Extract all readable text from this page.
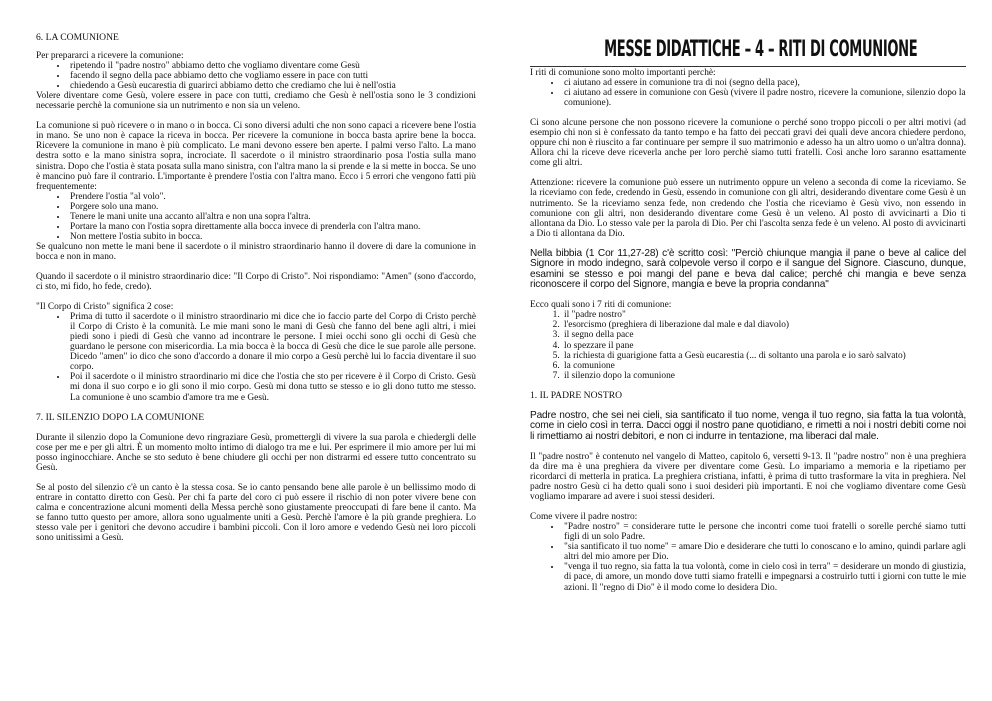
6. LA COMUNIONE

Per prepararci a ricevere la comunione:

• ripetendo il "padre nostro" abbiamo detto che vogliamo diventare come Gesù
• facendo il segno della pace abbiamo detto che vogliamo essere in pace con tutti
• chiedendo a Gesù eucarestia di guarirci abbiamo detto che crediamo che lui è nell'ostia

Volere diventare come Gesù, volere essere in pace con tutti, crediamo che Gesù è nell'ostia sono le 3 condizioni necessarie perchè la comunione sia un nutrimento e non sia un veleno.

La comunione si può ricevere o in mano o in bocca. Ci sono diversi adulti che non sono capaci a ricevere bene l'ostia in mano. Se uno non è capace la riceva in bocca. Per ricevere la comunione in bocca basta aprire bene la bocca. Ricevere la comunione in mano è più complicato. Le mani devono essere ben aperte. I palmi verso l'alto. La mano destra sotto e la mano sinistra sopra, incrociate. Il sacerdote o il ministro straordinario posa l'ostia sulla mano sinistra. Dopo che l'ostia è stata posata sulla mano sinistra, con l'altra mano la si prende e la si mette in bocca. Se uno è mancino può fare il contrario. L'importante è prendere l'ostia con l'altra mano. Ecco i 5 errori che vengono fatti più frequentemente:

• Prendere l'ostia "al volo".
• Porgere solo una mano.
• Tenere le mani unite una accanto all'altra e non una sopra l'altra.
• Portare la mano con l'ostia sopra direttamente alla bocca invece di prenderla con l'altra mano.
• Non mettere l'ostia subito in bocca.

Se qualcuno non mette le mani bene il sacerdote o il ministro straordinario hanno il dovere di dare la comunione in bocca e non in mano.

Quando il sacerdote o il ministro straordinario dice: "Il Corpo di Cristo". Noi rispondiamo: "Amen" (sono d'accordo, ci sto, mi fido, ho fede, credo).

"Il Corpo di Cristo" significa 2 cose:

• Prima di tutto il sacerdote o il ministro straordinario mi dice che io faccio parte del Corpo di Cristo perchè il Corpo di Cristo è la comunità. Le mie mani sono le mani di Gesù che fanno del bene agli altri, i miei piedi sono i piedi di Gesù che vanno ad incontrare le persone. I miei occhi sono gli occhi di Gesù che guardano le persone con misericordia. La mia bocca è la bocca di Gesù che dice le sue parole alle persone. Dicedo "amen" io dico che sono d'accordo a donare il mio corpo a Gesù perchè lui lo faccia diventare il suo corpo.
• Poi il sacerdote o il ministro straordinario mi dice che l'ostia che sto per ricevere è il Corpo di Cristo. Gesù mi dona il suo corpo e io gli sono il mio corpo. Gesù mi dona tutto se stesso e io gli dono tutto me stesso. La comunione è uno scambio d'amore tra me e Gesù.
7. IL SILENZIO DOPO LA COMUNIONE

Durante il silenzio dopo la Comunione devo ringraziare Gesù, promettergli di vivere la sua parola e chiedergli delle cose per me e per gli altri. È un momento molto intimo di dialogo tra me e lui. Per esprimere il mio amore per lui mi posso inginocchiare. Anche se sto seduto è bene chiudere gli occhi per non distrarmi ed essere tutto concentrato su Gesù.

Se al posto del silenzio c'è un canto è la stessa cosa. Se io canto pensando bene alle parole è un bellissimo modo di entrare in contatto diretto con Gesù. Per chi fa parte del coro ci può essere il rischio di non poter vivere bene con calma e concentrazione alcuni momenti della Messa perchè sono giustamente preoccupati di fare bene il canto. Ma se fanno tutto questo per amore, allora sono ugualmente uniti a Gesù. Perchè l'amore è la più grande preghiera. Lo stesso vale per i genitori che devono accudire i bambini piccoli. Con il loro amore e vedendo Gesù nei loro piccoli sono unitissimi a Gesù.

MESSE DIDATTICHE – 4 – RITI DI COMUNIONE

I riti di comunione sono molto importanti perchè:

• ci aiutano ad essere in comunione tra di noi (segno della pace),
• ci aiutano ad essere in comunione con Gesù (vivere il padre nostro, ricevere la comunione, silenzio dopo la comunione).

Ci sono alcune persone che non possono ricevere la comunione o perché sono troppo piccoli o per altri motivi (ad esempio chi non si è confessato da tanto tempo e ha fatto dei peccati gravi dei quali deve ancora chiedere perdono, oppure chi non è riuscito a far continuare per sempre il suo matrimonio e adesso ha un altro uomo o un'altra donna). Allora chi la riceve deve riceverla anche per loro perchè siamo tutti fratelli. Così anche loro saranno esattamente come gli altri.

Attenzione: ricevere la comunione può essere un nutrimento oppure un veleno a seconda di come la riceviamo. Se la riceviamo con fede, credendo in Gesù, essendo in comunione con gli altri, desiderando diventare come Gesù è un nutrimento. Se la riceviamo senza fede, non credendo che l'ostia che riceviamo è Gesù vivo, non essendo in comunione con gli altri, non desiderando diventare come Gesù è un veleno. Al posto di avvicinarti a Dio ti allontana da Dio. Lo stesso vale per la parola di Dio. Per chi l'ascolta senza fede è un veleno. Al posto di avvicinarti a Dio ti allontana da Dio.

Nella bibbia (1 Cor 11,27-28) c'è scritto così: "Perciò chiunque mangia il pane o beve al calice del Signore in modo indegno, sarà colpevole verso il corpo e il sangue del Signore. Ciascuno, dunque, esamini se stesso e poi mangi del pane e beva dal calice; perché chi mangia e beve senza riconoscere il corpo del Signore, mangia e beve la propria condanna"

Ecco quali sono i 7 riti di comunione:

1. il "padre nostro"
2. l'esorcismo (preghiera di liberazione dal male e dal diavolo)
3. il segno della pace
4. lo spezzare il pane
5. la richiesta di guarigione fatta a Gesù eucarestia (... di soltanto una parola e io sarò salvato)
6. la comunione
7. il silenzio dopo la comunione
1. IL PADRE NOSTRO

Padre nostro, che sei nei cieli, sia santificato il tuo nome, venga il tuo regno, sia fatta la tua volontà, come in cielo così in terra. Dacci oggi il nostro pane quotidiano, e rimetti a noi i nostri debiti come noi li rimettiamo ai nostri debitori, e non ci indurre in tentazione, ma liberaci dal male.

Il "padre nostro" è contenuto nel vangelo di Matteo, capitolo 6, versetti 9-13. Il "padre nostro" non è una preghiera da dire ma è una preghiera da vivere per diventare come Gesù. Lo impariamo a memoria e la ripetiamo per ricordarci di metterla in pratica. La preghiera cristiana, infatti, è prima di tutto trasformare la vita in preghiera. Nel padre nostro Gesù ci ha detto quali sono i suoi desideri più importanti. E noi che vogliamo diventare come Gesù vogliamo imparare ad avere i suoi stessi desideri.

Come vivere il padre nostro:

• "Padre nostro" = considerare tutte le persone che incontri come tuoi fratelli o sorelle perché siamo tutti figli di un solo Padre.
• "sia santificato il tuo nome" = amare Dio e desiderare che tutti lo conoscano e lo amino, quindi parlare agli altri del mio amore per Dio.
• "venga il tuo regno, sia fatta la tua volontà, come in cielo così in terra" = desiderare un mondo di giustizia, di pace, di amore, un mondo dove tutti siamo fratelli e impegnarsi a costruirlo tutti i giorni con tutte le mie azioni. Il "regno di Dio" è il modo come lo desidera Dio.
